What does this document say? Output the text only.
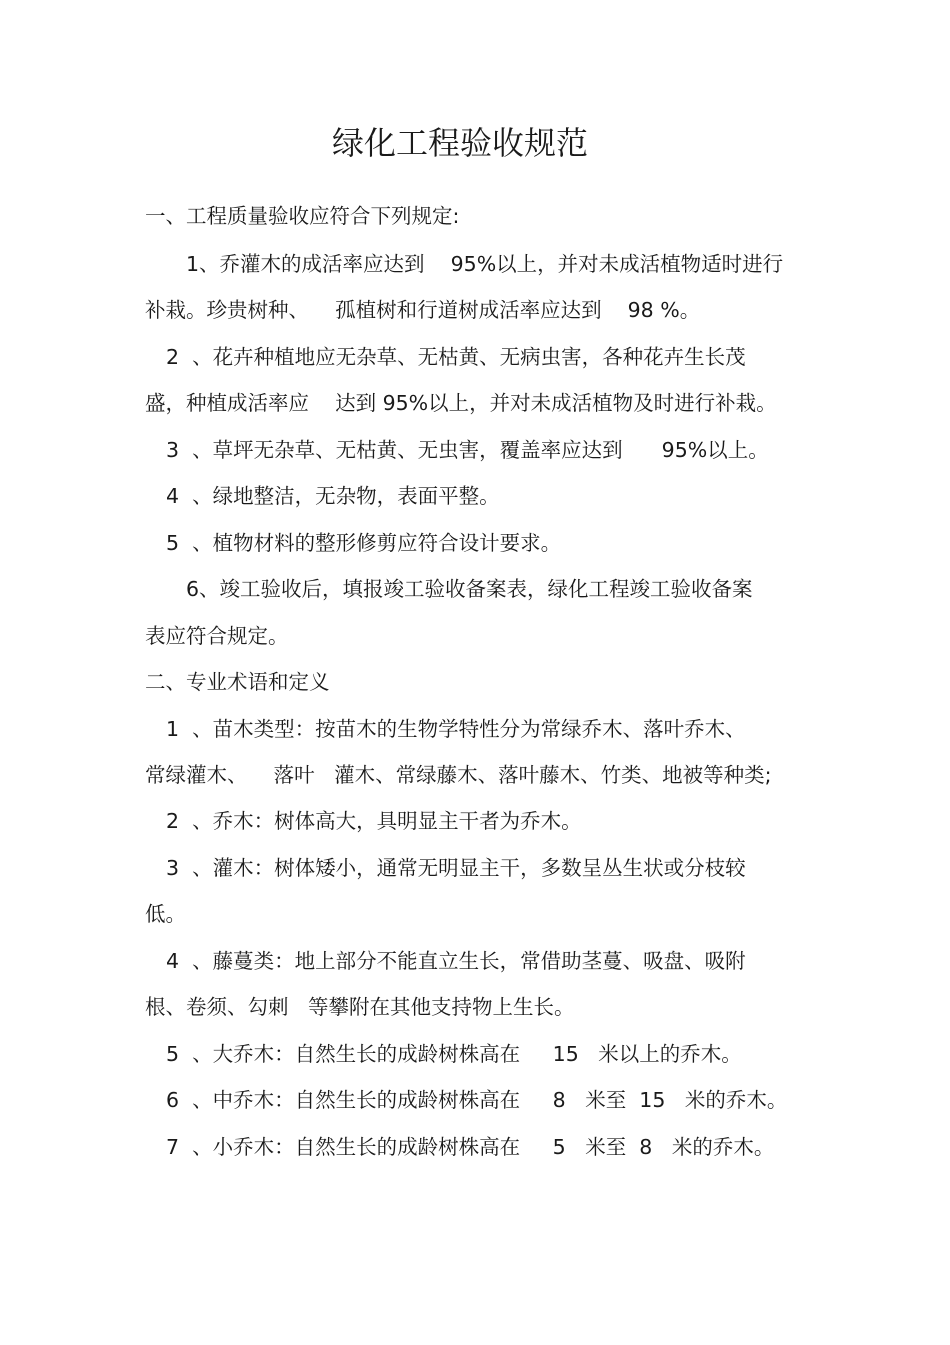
绿化工程验收规范
一、工程质量验收应符合下列规定:
1、乔灌木的成活率应达到    95%以上，并对未成活植物适时进行
补栽。珍贵树种、    孤植树和行道树成活率应达到    98 %。
2  、花卉种植地应无杂草、无枯黄、无病虫害，各种花卉生长茂
盛，种植成活率应    达到 95%以上，并对未成活植物及时进行补栽。
3  、草坪无杂草、无枯黄、无虫害，覆盖率应达到      95%以上。
4  、绿地整洁，无杂物，表面平整。
5  、植物材料的整形修剪应符合设计要求。
6、竣工验收后，填报竣工验收备案表，绿化工程竣工验收备案
表应符合规定。
二、专业术语和定义
1  、苗木类型：按苗木的生物学特性分为常绿乔木、落叶乔木、
常绿灌木、    落叶   灌木、常绿藤木、落叶藤木、竹类、地被等种类;
2  、乔木：树体高大，具明显主干者为乔木。
3  、灌木：树体矮小，通常无明显主干，多数呈丛生状或分枝较
低。
4  、藤蔓类：地上部分不能直立生长，常借助茎蔓、吸盘、吸附
根、卷须、勾刺   等攀附在其他支持物上生长。
5  、大乔木：自然生长的成龄树株高在     15   米以上的乔木。
6  、中乔木：自然生长的成龄树株高在     8   米至  15   米的乔木。
7  、小乔木：自然生长的成龄树株高在     5   米至  8   米的乔木。
